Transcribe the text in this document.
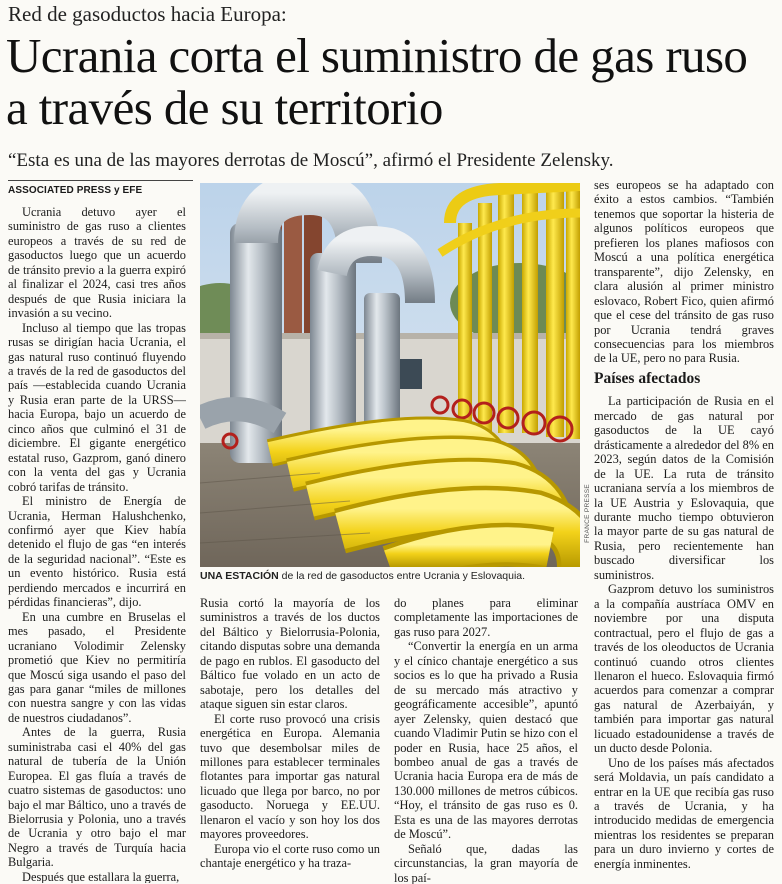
Red de gasoductos hacia Europa:
Ucrania corta el suministro de gas ruso a través de su territorio
“Esta es una de las mayores derrotas de Moscú”, afirmó el Presidente Zelensky.
ASSOCIATED PRESS y EFE

Ucrania detuvo ayer el suministro de gas ruso a clientes europeos a través de su red de gasoductos luego que un acuerdo de tránsito previo a la guerra expiró al finalizar el 2024, casi tres años después de que Rusia iniciara la invasión a su vecino.

Incluso al tiempo que las tropas rusas se dirigían hacia Ucrania, el gas natural ruso continuó fluyendo a través de la red de gasoductos del país —establecida cuando Ucrania y Rusia eran parte de la URSS— hacia Europa, bajo un acuerdo de cinco años que culminó el 31 de diciembre. El gigante energético estatal ruso, Gazprom, ganó dinero con la venta del gas y Ucrania cobró tarifas de tránsito.

El ministro de Energía de Ucrania, Herman Halushchenko, confirmó ayer que Kiev había detenido el flujo de gas “en interés de la seguridad nacional”. “Este es un evento histórico. Rusia está perdiendo mercados e incurrirá en pérdidas financieras”, dijo.

En una cumbre en Bruselas el mes pasado, el Presidente ucraniano Volodimir Zelensky prometió que Kiev no permitiría que Moscú siga usando el paso del gas para ganar “miles de millones con nuestra sangre y con las vidas de nuestros ciudadanos”.

Antes de la guerra, Rusia suministraba casi el 40% del gas natural de tubería de la Unión Europea. El gas fluía a través de cuatro sistemas de gasoductos: uno bajo el mar Báltico, uno a través de Bielorrusia y Polonia, uno a través de Ucrania y otro bajo el mar Negro a través de Turquía hacia Bulgaria.

Después que estallara la guerra,

FRANCE PRESSE
UNA ESTACIÓN de la red de gasoductos entre Ucrania y Eslovaquia.

Rusia cortó la mayoría de los suministros a través de los ductos del Báltico y Bielorrusia-Polonia, citando disputas sobre una demanda de pago en rublos. El gasoducto del Báltico fue volado en un acto de sabotaje, pero los detalles del ataque siguen sin estar claros.

El corte ruso provocó una crisis energética en Europa. Alemania tuvo que desembolsar miles de millones para establecer terminales flotantes para importar gas natural licuado que llega por barco, no por gasoducto. Noruega y EE.UU. llenaron el vacío y son hoy los dos mayores proveedores.

Europa vio el corte ruso como un chantaje energético y ha traza-

do planes para eliminar completamente las importaciones de gas ruso para 2027.

“Convertir la energía en un arma y el cínico chantaje energético a sus socios es lo que ha privado a Rusia de su mercado más atractivo y geográficamente accesible”, apuntó ayer Zelensky, quien destacó que cuando Vladimir Putin se hizo con el poder en Rusia, hace 25 años, el bombeo anual de gas a través de Ucrania hacia Europa era de más de 130.000 millones de metros cúbicos. “Hoy, el tránsito de gas ruso es 0. Esta es una de las mayores derrotas de Moscú”.

Señaló que, dadas las circunstancias, la gran mayoría de los paí-

ses europeos se ha adaptado con éxito a estos cambios. “También tenemos que soportar la histeria de algunos políticos europeos que prefieren los planes mafiosos con Moscú a una política energética transparente”, dijo Zelensky, en clara alusión al primer ministro eslovaco, Robert Fico, quien afirmó que el cese del tránsito de gas ruso por Ucrania tendrá graves consecuencias para los miembros de la UE, pero no para Rusia.

Países afectados

La participación de Rusia en el mercado de gas natural por gasoductos de la UE cayó drásticamente a alrededor del 8% en 2023, según datos de la Comisión de la UE. La ruta de tránsito ucraniana servía a los miembros de la UE Austria y Eslovaquia, que durante mucho tiempo obtuvieron la mayor parte de su gas natural de Rusia, pero recientemente han buscado diversificar los suministros.

Gazprom detuvo los suministros a la compañía austríaca OMV en noviembre por una disputa contractual, pero el flujo de gas a través de los oleoductos de Ucrania continuó cuando otros clientes llenaron el hueco. Eslovaquia firmó acuerdos para comenzar a comprar gas natural de Azerbaiyán, y también para importar gas natural licuado estadounidense a través de un ducto desde Polonia.

Uno de los países más afectados será Moldavia, un país candidato a entrar en la UE que recibía gas ruso a través de Ucrania, y ha introducido medidas de emergencia mientras los residentes se preparan para un duro invierno y cortes de energía inminentes.
